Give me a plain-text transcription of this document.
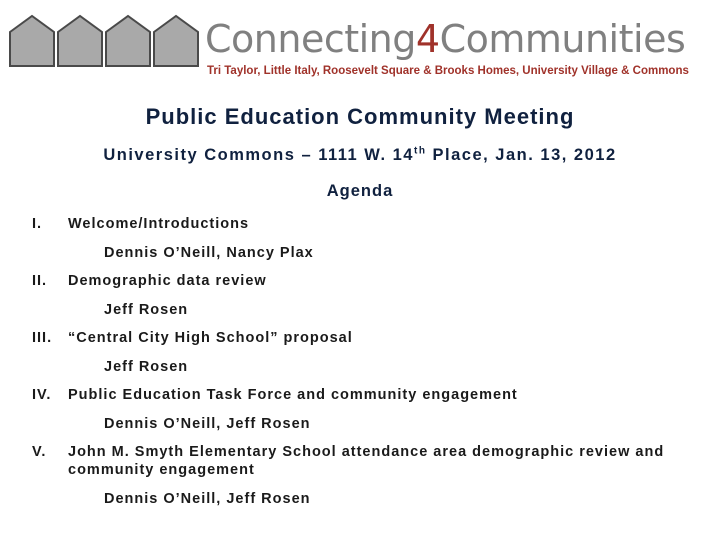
Connecting4Communities
Tri Taylor, Little Italy, Roosevelt Square & Brooks Homes, University Village & Commons
Public Education Community Meeting
University Commons – 1111 W. 14th Place, Jan. 13, 2012
Agenda
I.	Welcome/Introductions
Dennis O’Neill, Nancy Plax
II.	Demographic data review
Jeff Rosen
III.	“Central City High School” proposal
Jeff Rosen
IV.	Public Education Task Force and community engagement
Dennis O’Neill, Jeff Rosen
V.	John M. Smyth Elementary School attendance area demographic review and community engagement
Dennis O’Neill, Jeff Rosen
